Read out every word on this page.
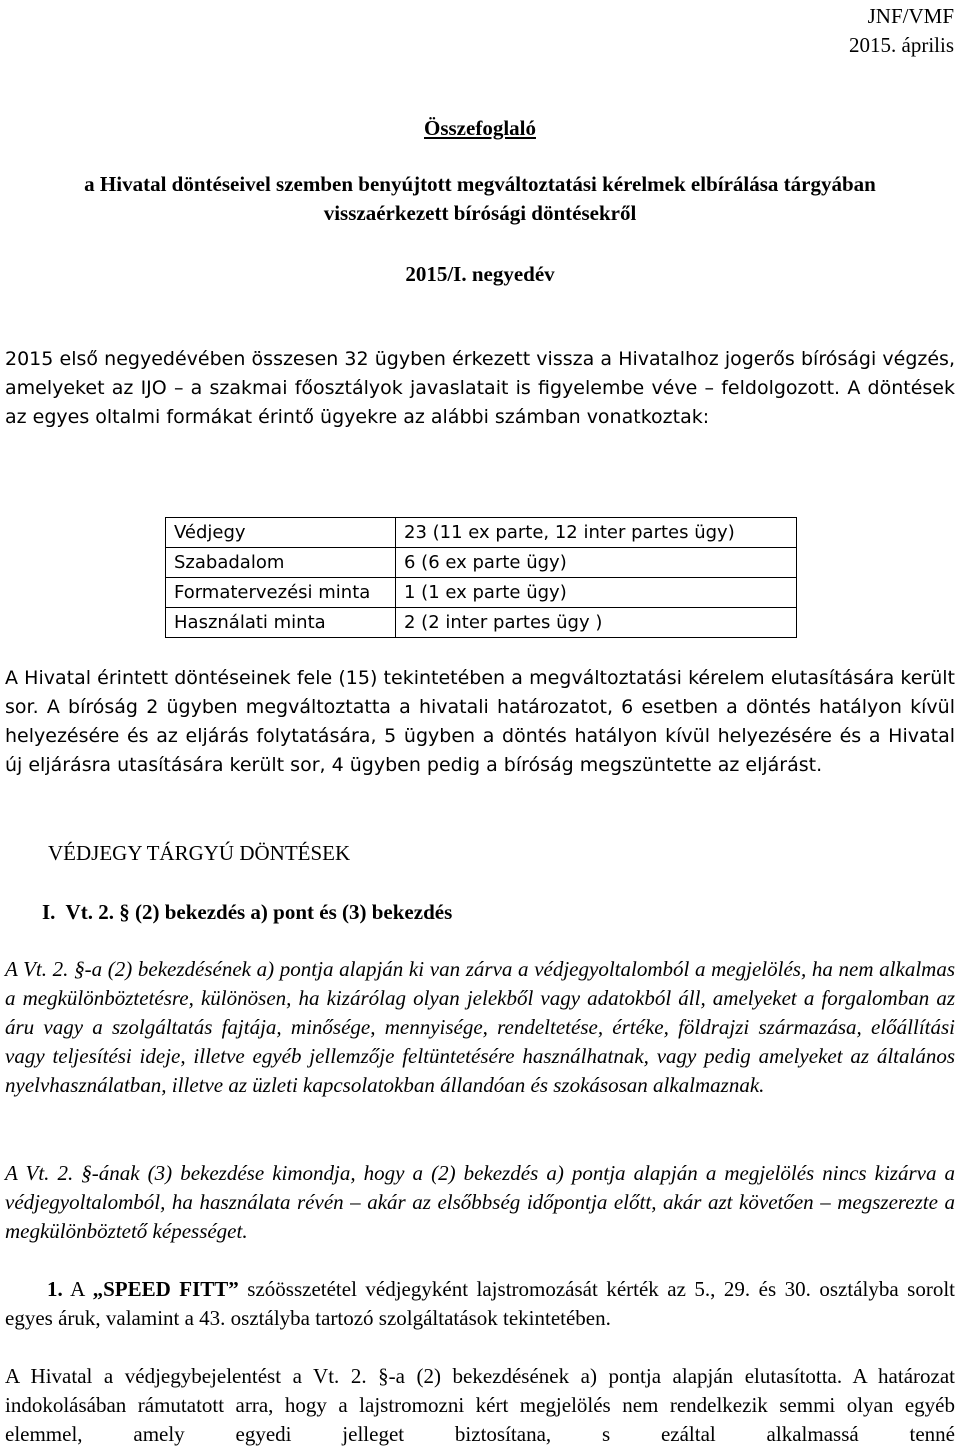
JNF/VMF
2015. április

Összefoglaló

a Hivatal döntéseivel szemben benyújtott megváltoztatási kérelmek elbírálása tárgyában
visszaérkezett bírósági döntésekről

2015/I. negyedév

2015 első negyedévében összesen 32 ügyben érkezett vissza a Hivatalhoz jogerős bírósági végzés, amelyeket az IJO – a szakmai főosztályok javaslatait is figyelembe véve – feldolgozott. A döntések az egyes oltalmi formákat érintő ügyekre az alábbi számban vonatkoztak:

Védjegy	23 (11 ex parte, 12 inter partes ügy)
Szabadalom	6 (6 ex parte ügy)
Formatervezési minta	1 (1 ex parte ügy)
Használati minta	2 (2 inter partes ügy )

A Hivatal érintett döntéseinek fele (15) tekintetében a megváltoztatási kérelem elutasítására került sor. A bíróság 2 ügyben megváltoztatta a hivatali határozatot, 6 esetben a döntés hatályon kívül helyezésére és az eljárás folytatására, 5 ügyben a döntés hatályon kívül helyezésére és a Hivatal új eljárásra utasítására került sor, 4 ügyben pedig a bíróság megszüntette az eljárást.

VÉDJEGY TÁRGYÚ DÖNTÉSEK

I.  Vt. 2. § (2) bekezdés a) pont és (3) bekezdés

A Vt. 2. §-a (2) bekezdésének a) pontja alapján ki van zárva a védjegyoltalomból a megjelölés, ha nem alkalmas a megkülönböztetésre, különösen, ha kizárólag olyan jelekből vagy adatokból áll, amelyeket a forgalomban az áru vagy a szolgáltatás fajtája, minősége, mennyisége, rendeltetése, értéke, földrajzi származása, előállítási vagy teljesítési ideje, illetve egyéb jellemzője feltüntetésére használhatnak, vagy pedig amelyeket az általános nyelvhasználatban, illetve az üzleti kapcsolatokban állandóan és szokásosan alkalmaznak.

A Vt. 2. §-ának (3) bekezdése kimondja, hogy a (2) bekezdés a) pontja alapján a megjelölés nincs kizárva a védjegyoltalomból, ha használata révén – akár az elsőbbség időpontja előtt, akár azt követően – megszerezte a megkülönböztető képességet.

1. A „SPEED FITT” szóösszetétel védjegyként lajstromozását kérték az 5., 29. és 30. osztályba sorolt egyes áruk, valamint a 43. osztályba tartozó szolgáltatások tekintetében.

A Hivatal a védjegybejelentést a Vt. 2. §-a (2) bekezdésének a) pontja alapján elutasította. A határozat indokolásában rámutatott arra, hogy a lajstromozni kért megjelölés nem rendelkezik semmi olyan egyéb elemmel, amely egyedi jelleget biztosítana, s ezáltal alkalmassá tenné
